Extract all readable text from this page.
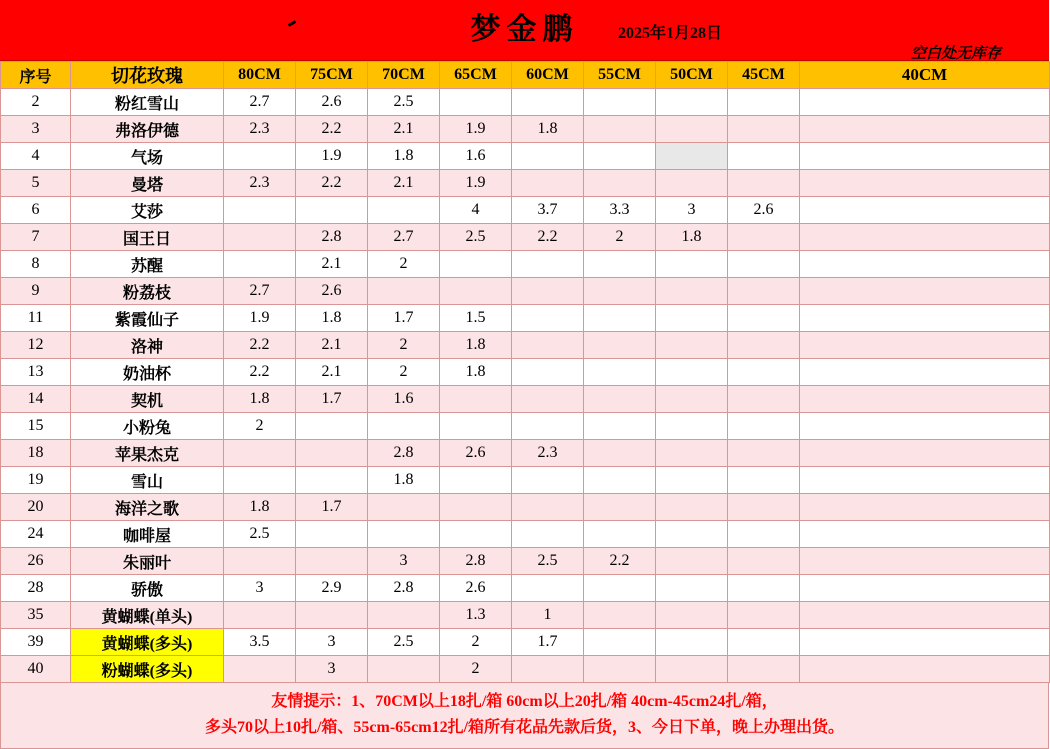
梦金鹏	2025年1月28日
空白处无库存
序号	切花玫瑰	80CM	75CM	70CM	65CM	60CM	55CM	50CM	45CM	40CM	
2	粉红雪山	2.7	2.6	2.5							
3	弗洛伊德	2.3	2.2	2.1	1.9	1.8					
4	气场		1.9	1.8	1.6						
5	曼塔	2.3	2.2	2.1	1.9						
6	艾莎				4	3.7	3.3	3	2.6		
7	国王日		2.8	2.7	2.5	2.2	2	1.8			
8	苏醒		2.1	2							
9	粉荔枝	2.7	2.6								
11	紫霞仙子	1.9	1.8	1.7	1.5						
12	洛神	2.2	2.1	2	1.8						
13	奶油杯	2.2	2.1	2	1.8						
14	契机	1.8	1.7	1.6							
15	小粉兔	2									
18	苹果杰克			2.8	2.6	2.3					
19	雪山			1.8							
20	海洋之歌	1.8	1.7								
24	咖啡屋	2.5									
26	朱丽叶			3	2.8	2.5	2.2				
28	骄傲	3	2.9	2.8	2.6						
35	黄蝴蝶(单头)				1.3	1					
39	黄蝴蝶(多头)	3.5	3	2.5	2	1.7					
40	粉蝴蝶(多头)		3		2						
友情提示：1、70CM以上18扎/箱 60cm以上20扎/箱 40cm-45cm24扎/箱，
多头70以上10扎/箱、55cm-65cm12扎/箱所有花品先款后货，3、今日下单，晚上办理出货。
